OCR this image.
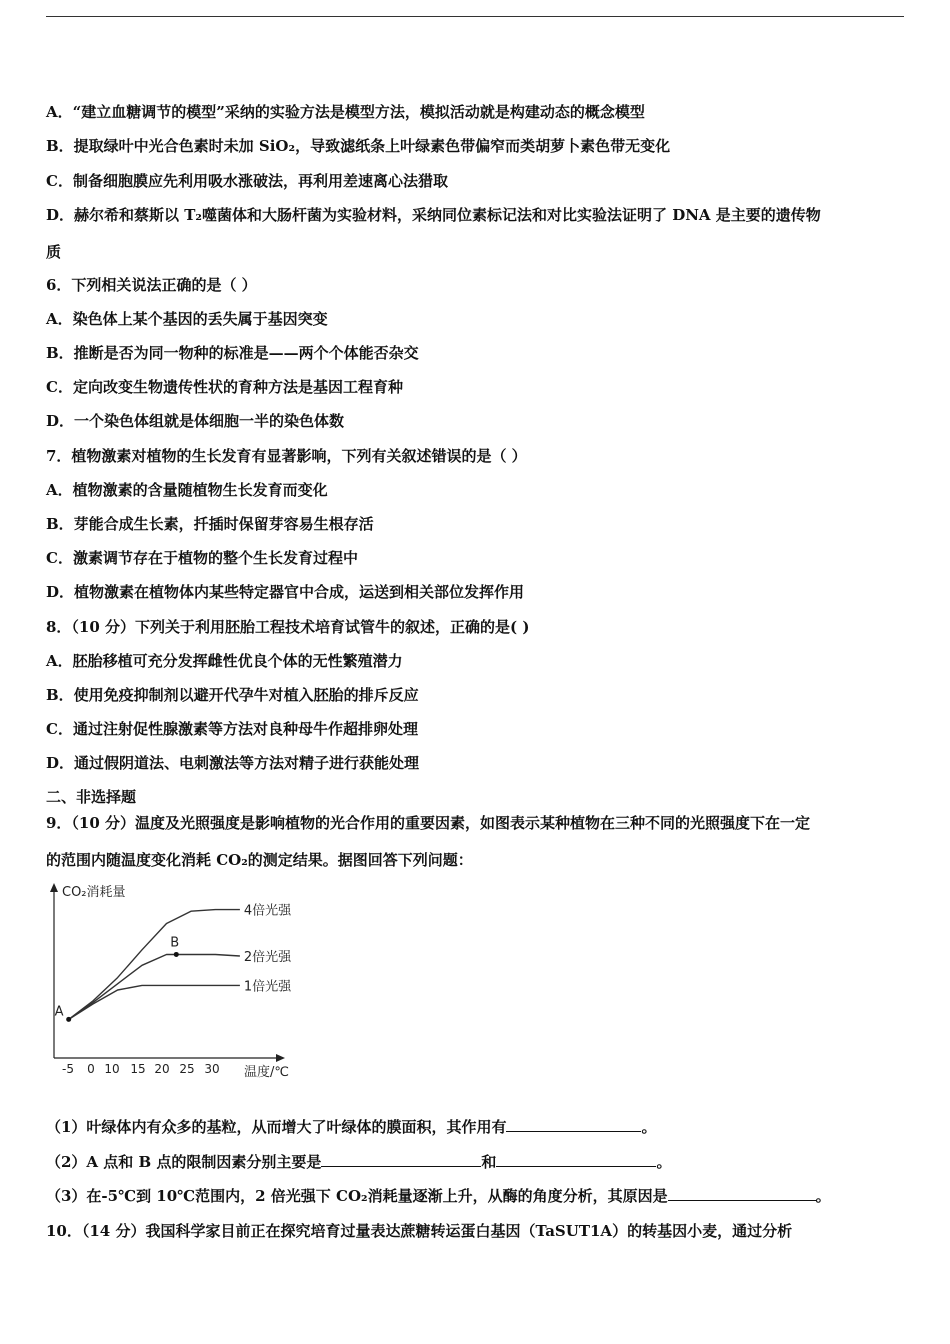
A．“建立血糖调节的模型”采纳的实验方法是模型方法，模拟活动就是构建动态的概念模型
B．提取绿叶中光合色素时未加 SiO₂，导致滤纸条上叶绿素色带偏窄而类胡萝卜素色带无变化
C．制备细胞膜应先利用吸水涨破法，再利用差速离心法猎取
D．赫尔希和蔡斯以 T₂噬菌体和大肠杆菌为实验材料，采纳同位素标记法和对比实验法证明了 DNA 是主要的遗传物
质
6．下列相关说法正确的是（ ）
A．染色体上某个基因的丢失属于基因突变
B．推断是否为同一物种的标准是——两个个体能否杂交
C．定向改变生物遗传性状的育种方法是基因工程育种
D．一个染色体组就是体细胞一半的染色体数
7．植物激素对植物的生长发育有显著影响，下列有关叙述错误的是（ ）
A．植物激素的含量随植物生长发育而变化
B．芽能合成生长素，扦插时保留芽容易生根存活
C．激素调节存在于植物的整个生长发育过程中
D．植物激素在植物体内某些特定器官中合成，运送到相关部位发挥作用
8．（10 分）下列关于利用胚胎工程技术培育试管牛的叙述，正确的是( )
A．胚胎移植可充分发挥雌性优良个体的无性繁殖潜力
B．使用免疫抑制剂以避开代孕牛对植入胚胎的排斥反应
C．通过注射促性腺激素等方法对良种母牛作超排卵处理
D．通过假阴道法、电刺激法等方法对精子进行获能处理
二、非选择题
9．（10 分）温度及光照强度是影响植物的光合作用的重要因素，如图表示某种植物在三种不同的光照强度下在一定
的范围内随温度变化消耗 CO₂的测定结果。据图回答下列问题：
CO₂消耗量
温度/℃
-5 0 10 15 20 25 30
4倍光强
2倍光强
1倍光强
A
B
（1）叶绿体内有众多的基粒，从而增大了叶绿体的膜面积，其作用有	。
（2）A 点和 B 点的限制因素分别主要是	和	。
（3）在-5℃到 10℃范围内，2 倍光强下 CO₂消耗量逐渐上升，从酶的角度分析，其原因是	。
10．（14 分）我国科学家目前正在探究培育过量表达蔗糖转运蛋白基因（TaSUT1A）的转基因小麦，通过分析
